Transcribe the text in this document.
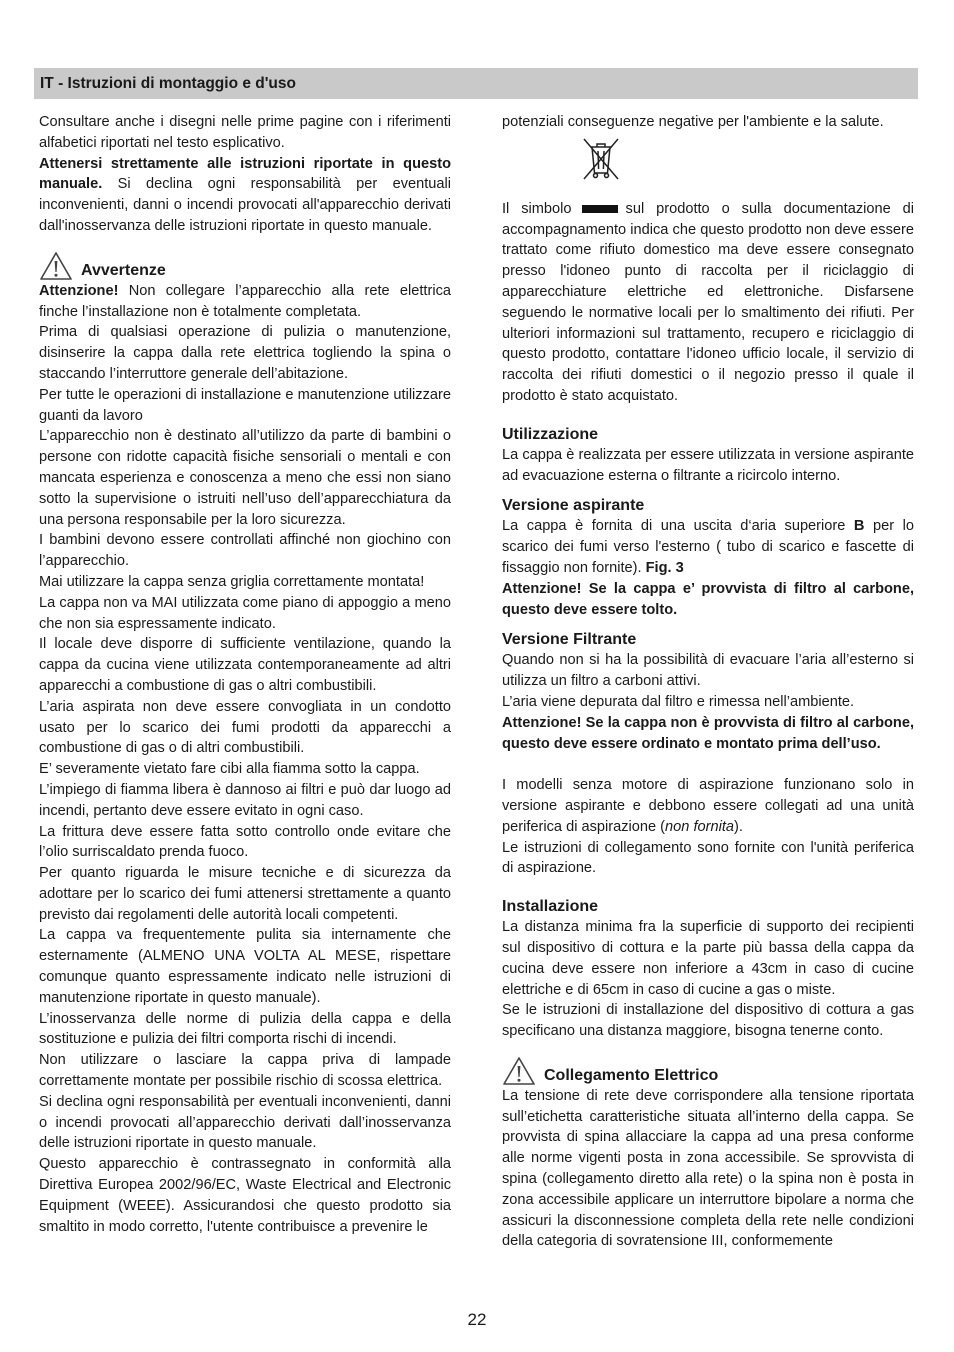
IT - Istruzioni di montaggio e d'uso

Consultare anche i disegni nelle prime pagine con i riferimenti alfabetici riportati nel testo esplicativo.

Attenersi strettamente alle istruzioni riportate in questo manuale. Si declina ogni responsabilità per eventuali inconvenienti, danni o incendi provocati all'apparecchio derivati dall'inosservanza delle istruzioni riportate in questo manuale.

Avvertenze

Attenzione! Non collegare l’apparecchio alla rete elettrica finche l’installazione non è totalmente completata.

Prima di qualsiasi operazione di pulizia o manutenzione, disinserire la cappa dalla rete elettrica togliendo la spina o staccando l’interruttore generale dell’abitazione.

Per tutte le operazioni di installazione e manutenzione utilizzare guanti da lavoro

L’apparecchio non è destinato all’utilizzo da parte di bambini o persone con ridotte capacità fisiche sensoriali o mentali e con mancata esperienza e conoscenza a meno che essi non siano sotto la supervisione o istruiti nell’uso dell’apparecchiatura da una persona responsabile per la loro sicurezza.

I bambini devono essere controllati affinché non giochino con l’apparecchio.

Mai utilizzare la cappa senza griglia correttamente montata!

La cappa non va MAI utilizzata come piano di appoggio a meno che non sia espressamente indicato.

Il locale deve disporre di sufficiente ventilazione, quando la cappa da cucina viene utilizzata contemporaneamente ad altri apparecchi a combustione di gas o altri combustibili.

L’aria aspirata non deve essere convogliata in un condotto usato per lo scarico dei fumi prodotti da apparecchi a combustione di gas o di altri combustibili.

E’ severamente vietato fare cibi alla fiamma sotto la cappa.

L’impiego di fiamma libera è dannoso ai filtri e può dar luogo ad incendi, pertanto deve essere evitato in ogni caso.

La frittura deve essere fatta sotto controllo onde evitare che l’olio surriscaldato prenda fuoco.

Per quanto riguarda le misure tecniche e di sicurezza da adottare per lo scarico dei fumi attenersi strettamente a quanto previsto dai regolamenti delle autorità locali competenti.

La cappa va frequentemente pulita sia internamente che esternamente (ALMENO UNA VOLTA AL MESE, rispettare comunque quanto espressamente indicato nelle istruzioni di manutenzione riportate in questo manuale).

L’inosservanza delle norme di pulizia della cappa e della sostituzione e pulizia dei filtri comporta rischi di incendi.

Non utilizzare o lasciare la cappa priva di lampade correttamente montate per possibile rischio di scossa elettrica.

Si declina ogni responsabilità per eventuali inconvenienti, danni o incendi provocati all’apparecchio derivati dall’inosservanza delle istruzioni riportate in questo manuale.

Questo apparecchio è contrassegnato in conformità alla Direttiva Europea 2002/96/EC, Waste Electrical and Electronic Equipment (WEEE). Assicurandosi che questo prodotto sia smaltito in modo corretto, l'utente contribuisce a prevenire le

potenziali conseguenze negative per l'ambiente e la salute.

Il simbolo	sul prodotto o sulla documentazione di accompagnamento indica che questo prodotto non deve essere trattato come rifiuto domestico ma deve essere consegnato presso l'idoneo punto di raccolta per il riciclaggio di apparecchiature elettriche ed elettroniche. Disfarsene seguendo le normative locali per lo smaltimento dei rifiuti. Per ulteriori informazioni sul trattamento, recupero e riciclaggio di questo prodotto, contattare l'idoneo ufficio locale, il servizio di raccolta dei rifiuti domestici o il negozio presso il quale il prodotto è stato acquistato.

Utilizzazione

La cappa è realizzata per essere utilizzata in versione aspirante ad evacuazione esterna o filtrante a ricircolo interno.

Versione aspirante

La cappa è fornita di una uscita d‘aria superiore B per lo scarico dei fumi verso l'esterno ( tubo di scarico e fascette di fissaggio non fornite). Fig. 3

Attenzione! Se la cappa e’ provvista di filtro al carbone, questo deve essere tolto.

Versione Filtrante

Quando non si ha la possibilità di evacuare l’aria all’esterno si utilizza un filtro a carboni attivi.

L’aria viene depurata dal filtro e rimessa nell’ambiente.

Attenzione! Se la cappa non è provvista di filtro al carbone, questo deve essere ordinato e montato prima dell’uso.

I modelli senza motore di aspirazione funzionano solo in versione aspirante e debbono essere collegati ad una unità periferica di aspirazione (non fornita).

Le istruzioni di collegamento sono fornite con l'unità periferica di aspirazione.

Installazione

La distanza minima fra la superficie di supporto dei recipienti sul dispositivo di cottura e la parte più bassa della cappa da cucina deve essere non inferiore a 43cm in caso di cucine elettriche e di 65cm in caso di cucine a gas o miste.

Se le istruzioni di installazione del dispositivo di cottura a gas specificano una distanza maggiore, bisogna tenerne conto.

Collegamento Elettrico

La tensione di rete deve corrispondere alla tensione riportata sull’etichetta caratteristiche situata all’interno della cappa. Se provvista di spina allacciare la cappa ad una presa conforme alle norme vigenti posta in zona accessibile. Se sprovvista di spina (collegamento diretto alla rete) o la spina non è posta in zona accessibile applicare un interruttore bipolare a norma che assicuri la disconnessione completa della rete nelle condizioni della categoria di sovratensione III, conformemente

22
